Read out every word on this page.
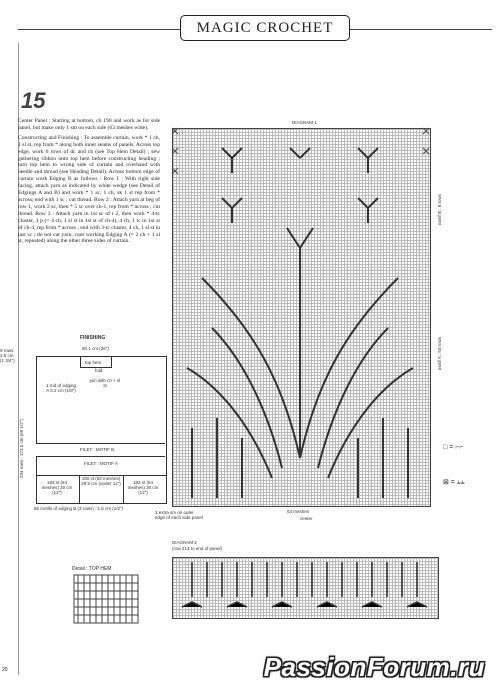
MAGIC CROCHET
15

Center Panel : Starting at bottom, ch 190 and work as for side panel, but make only 1 sm on each side (63 meshes wide).

Constructing and Finishing : To assemble curtain, work * 1 ch, 1 sl st, rep from * along both inner seams of panels. Across top edge, work 6 rows of dc and ch (see Top Hem Detail) ; sew gathering ribbon onto top hem before constructing heading ; turn top hem to wrong side of curtain and overhand with needle and thread (see Heading Detail). Across bottom edge of curtain work Edging B as follows : Row 1 : With right side facing, attach yarn as indicated by white wedge (see Detail of Edgings A and B) and work * 1 sc, 1 ch, sk 1 st rep from * across; end with 1 sc ; cut thread. Row 2 : Attach yarn at beg of row 1, work 2 sc, then * 5 sc over ch-1, rep from * across ; cut thread. Row 3 : Attach yarn in 1st sc of r 2, then work * 4-tc cluster, 1 p (= 4 ch, 1 sl st in 1st st of ch-4), 4 ch, 1 tc in 1st st of ch-4, rep from * across ; end with 3-tc cluster, 4 ch, 1 sl st in last sc ; do not cut yarn, cont working Edging A (= 2 ch + 1 sl st, repeated) along the other three sides of curtain.

FINISHING
90.1 cm (36")
9 rows: 3.5 cm (1 3/4")
234 rows : 173.5 cm (69 1/2")
top hem
fold
1 rnd of edging A 0.2 cm (1/8")
join with ch + sl st
FILET : MOTIF B
FILET : MOTIF A
183 st (64 meshes) 30 cm (12")
190 st (63 meshes) 29.5 cm (under 12")	183 st (64 meshes) 30 cm (12")
56 motifs of edging B (3 rows) : 1.5 cm (1/2")
DIAGRAM 1
motif B : 8 rows
motif A : 93 rows
63 meshes
center
1 extra sm on outer edge of each side panel
□ = ⌐⌐
⊠ = ⫨⫨
DIAGRAM 2
(row 214 to end of panel)
Detail : TOP HEM
20	PassionForum.ru
